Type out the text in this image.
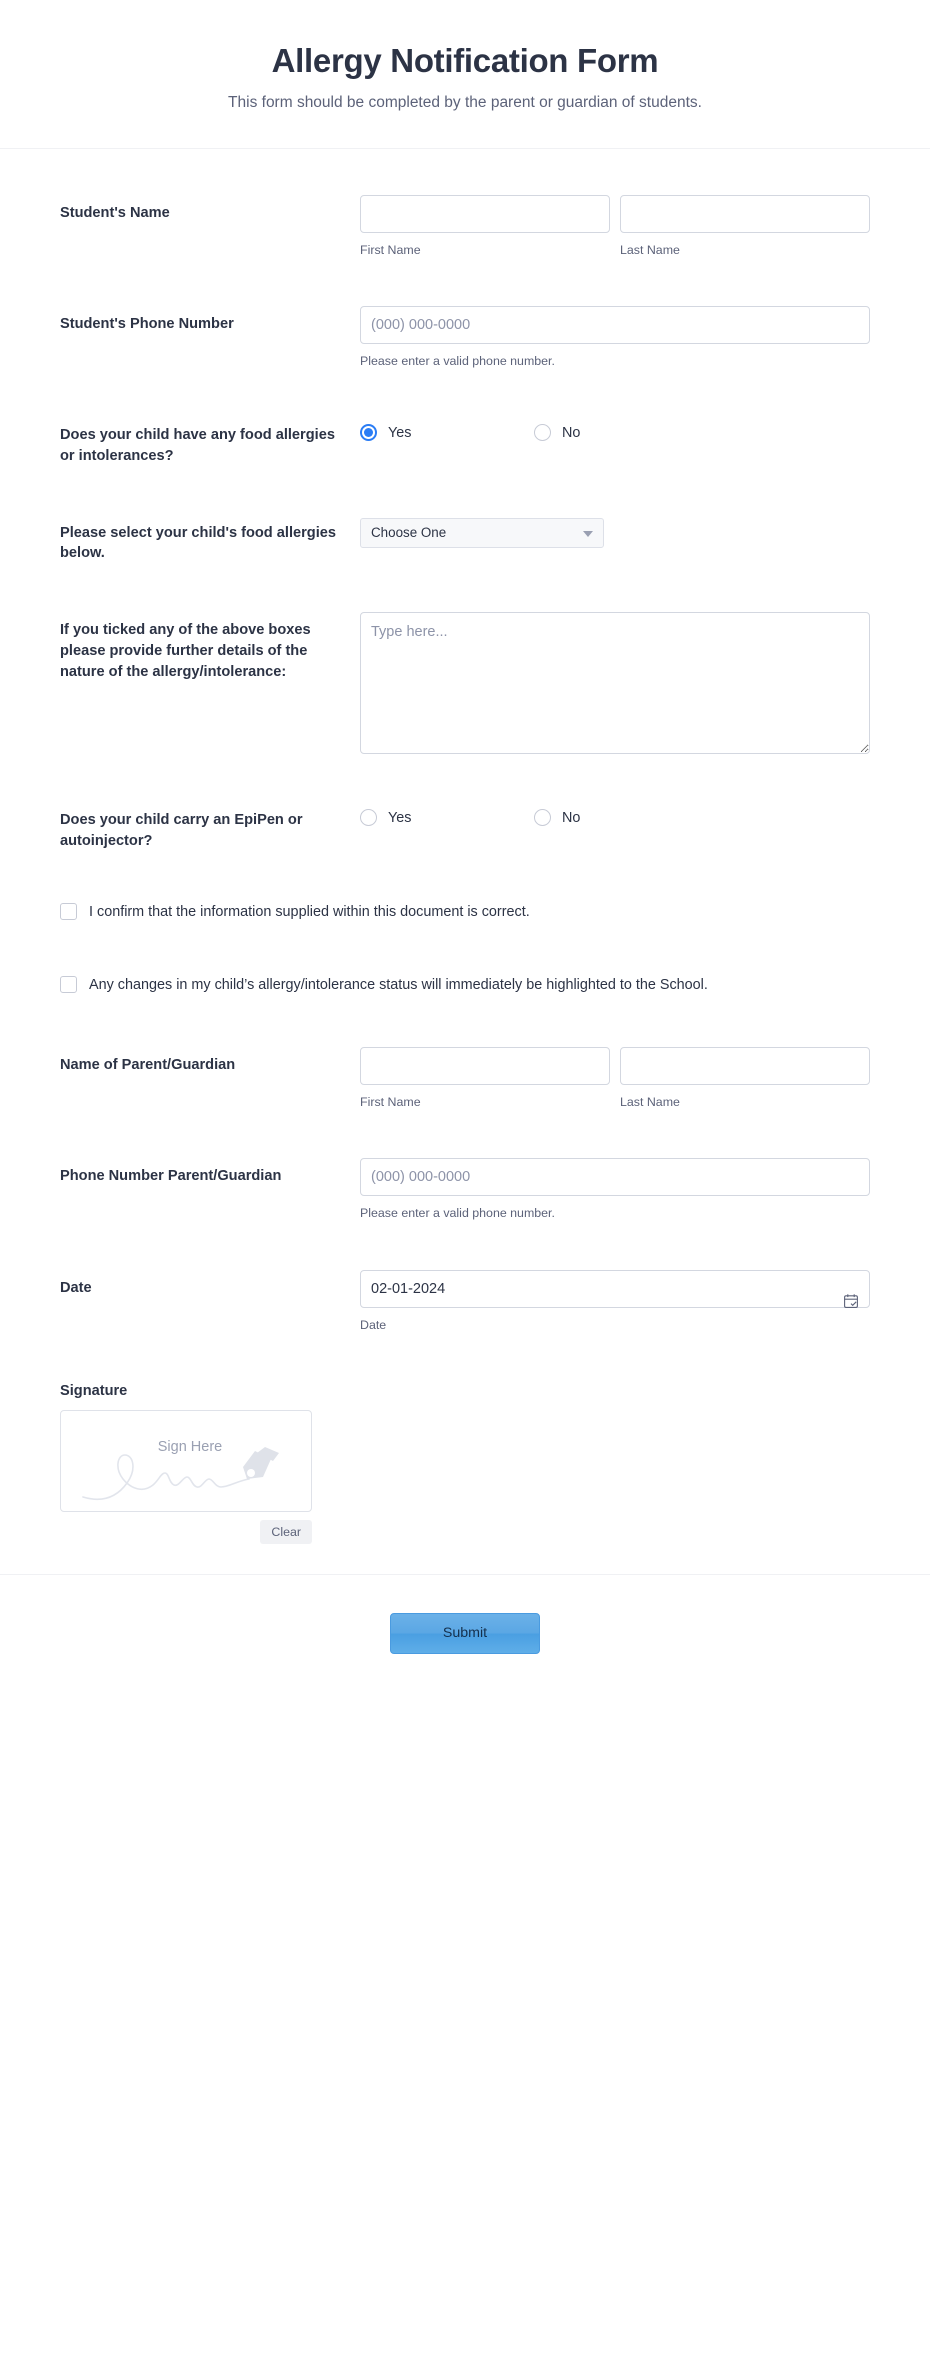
Allergy Notification Form
This form should be completed by the parent or guardian of students.
Student's Name
First Name	Last Name
Student's Phone Number
(000) 000-0000
Please enter a valid phone number.
Does your child have any food allergies or intolerances?
Yes	No
Please select your child's food allergies below.
Choose One
If you ticked any of the above boxes please provide further details of the nature of the allergy/intolerance:
Type here...
Does your child carry an EpiPen or autoinjector?
Yes	No
I confirm that the information supplied within this document is correct.
Any changes in my child’s allergy/intolerance status will immediately be highlighted to the School.
Name of Parent/Guardian
First Name	Last Name
Phone Number Parent/Guardian
(000) 000-0000
Please enter a valid phone number.
Date
02-01-2024
Date
Signature
Sign Here
Clear
Submit
